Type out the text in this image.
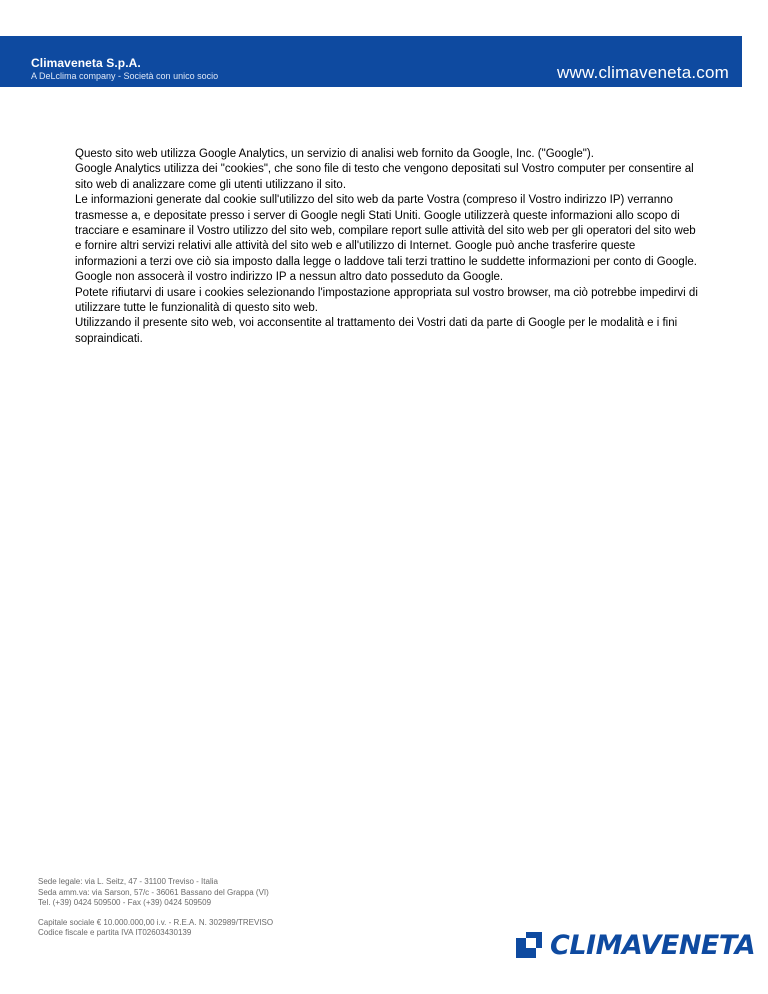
Climaveneta S.p.A.
A DeLclima company - Società con unico socio	www.climaveneta.com

Questo sito web utilizza Google Analytics, un servizio di analisi web fornito da Google, Inc. ("Google").

Google Analytics utilizza dei "cookies", che sono file di testo che vengono depositati sul Vostro computer per consentire al sito web di analizzare come gli utenti utilizzano il sito.

Le informazioni generate dal cookie sull'utilizzo del sito web da parte Vostra (compreso il Vostro indirizzo IP) verranno trasmesse a, e depositate presso i server di Google negli Stati Uniti. Google utilizzerà queste informazioni allo scopo di tracciare e esaminare il Vostro utilizzo del sito web, compilare report sulle attività del sito web per gli operatori del sito web e fornire altri servizi relativi alle attività del sito web e all'utilizzo di Internet. Google può anche trasferire queste informazioni a terzi ove ciò sia imposto dalla legge o laddove tali terzi trattino le suddette informazioni per conto di Google. Google non assocerà il vostro indirizzo IP a nessun altro dato posseduto da Google.

Potete rifiutarvi di usare i cookies selezionando l'impostazione appropriata sul vostro browser, ma ciò potrebbe impedirvi di utilizzare tutte le funzionalità di questo sito web.

Utilizzando il presente sito web, voi acconsentite al trattamento dei Vostri dati da parte di Google per le modalità e i fini sopraindicati.

Sede legale: via L. Seitz, 47 - 31100 Treviso - Italia
Seda amm.va: via Sarson, 57/c - 36061 Bassano del Grappa (VI)
Tel. (+39) 0424 509500 - Fax (+39) 0424 509509
Capitale sociale € 10.000.000,00 i.v. - R.E.A. N. 302989/TREVISO
Codice fiscale e partita IVA IT02603430139	CLIMAVENETA
